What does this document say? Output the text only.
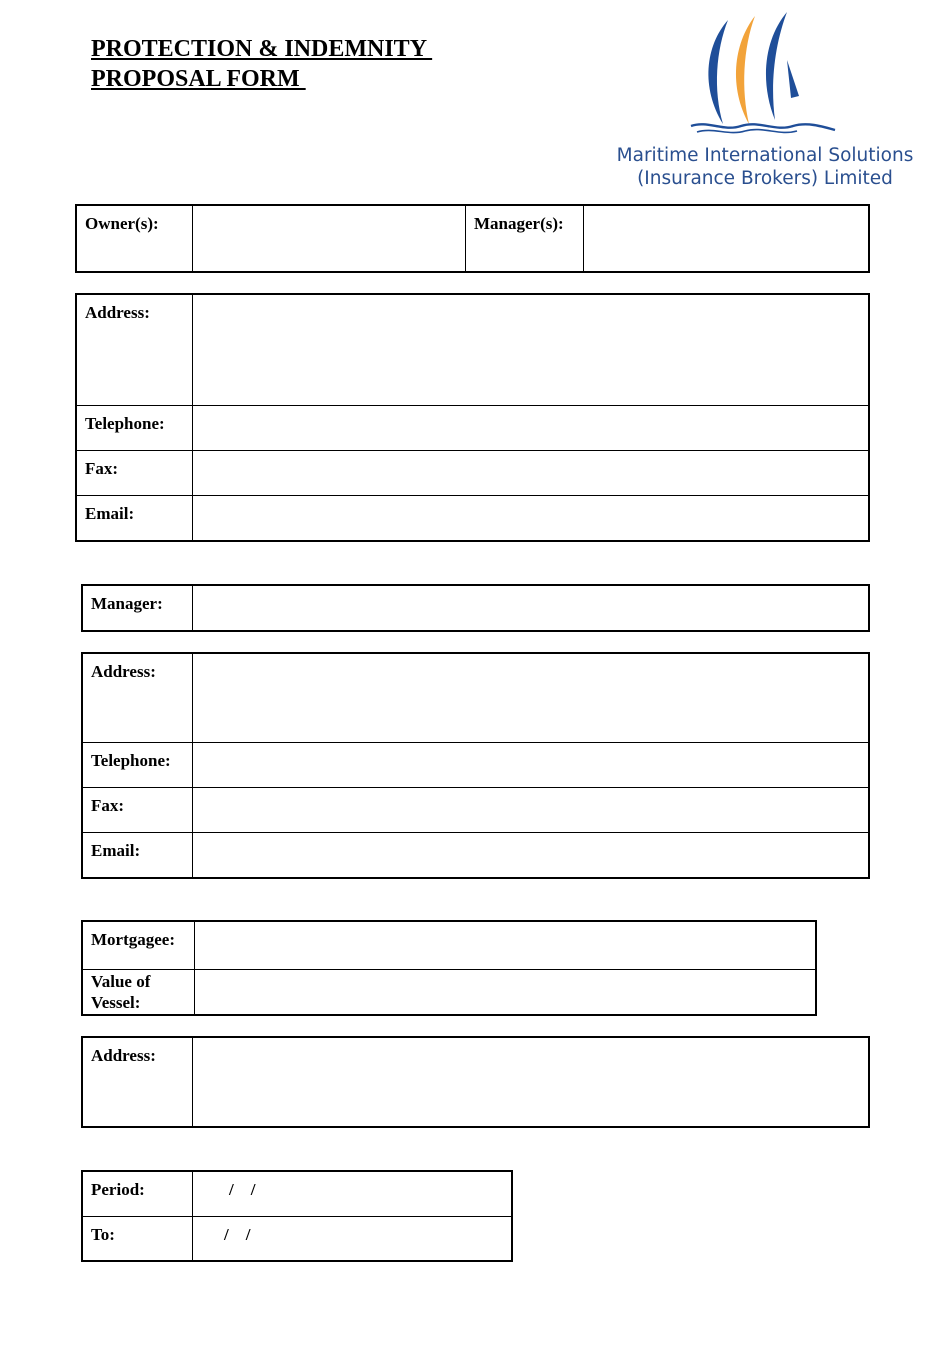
PROTECTION & INDEMNITY
PROPOSAL FORM
Maritime International Solutions
(Insurance Brokers) Limited
Owner(s):		Manager(s):	
Address:	
Telephone:	
Fax:	
Email:	
Manager:	
Address:	
Telephone:	
Fax:	
Email:	
Mortgagee:	
Value of Vessel:	
Address:	
Period:	/    /

To:	/    /
